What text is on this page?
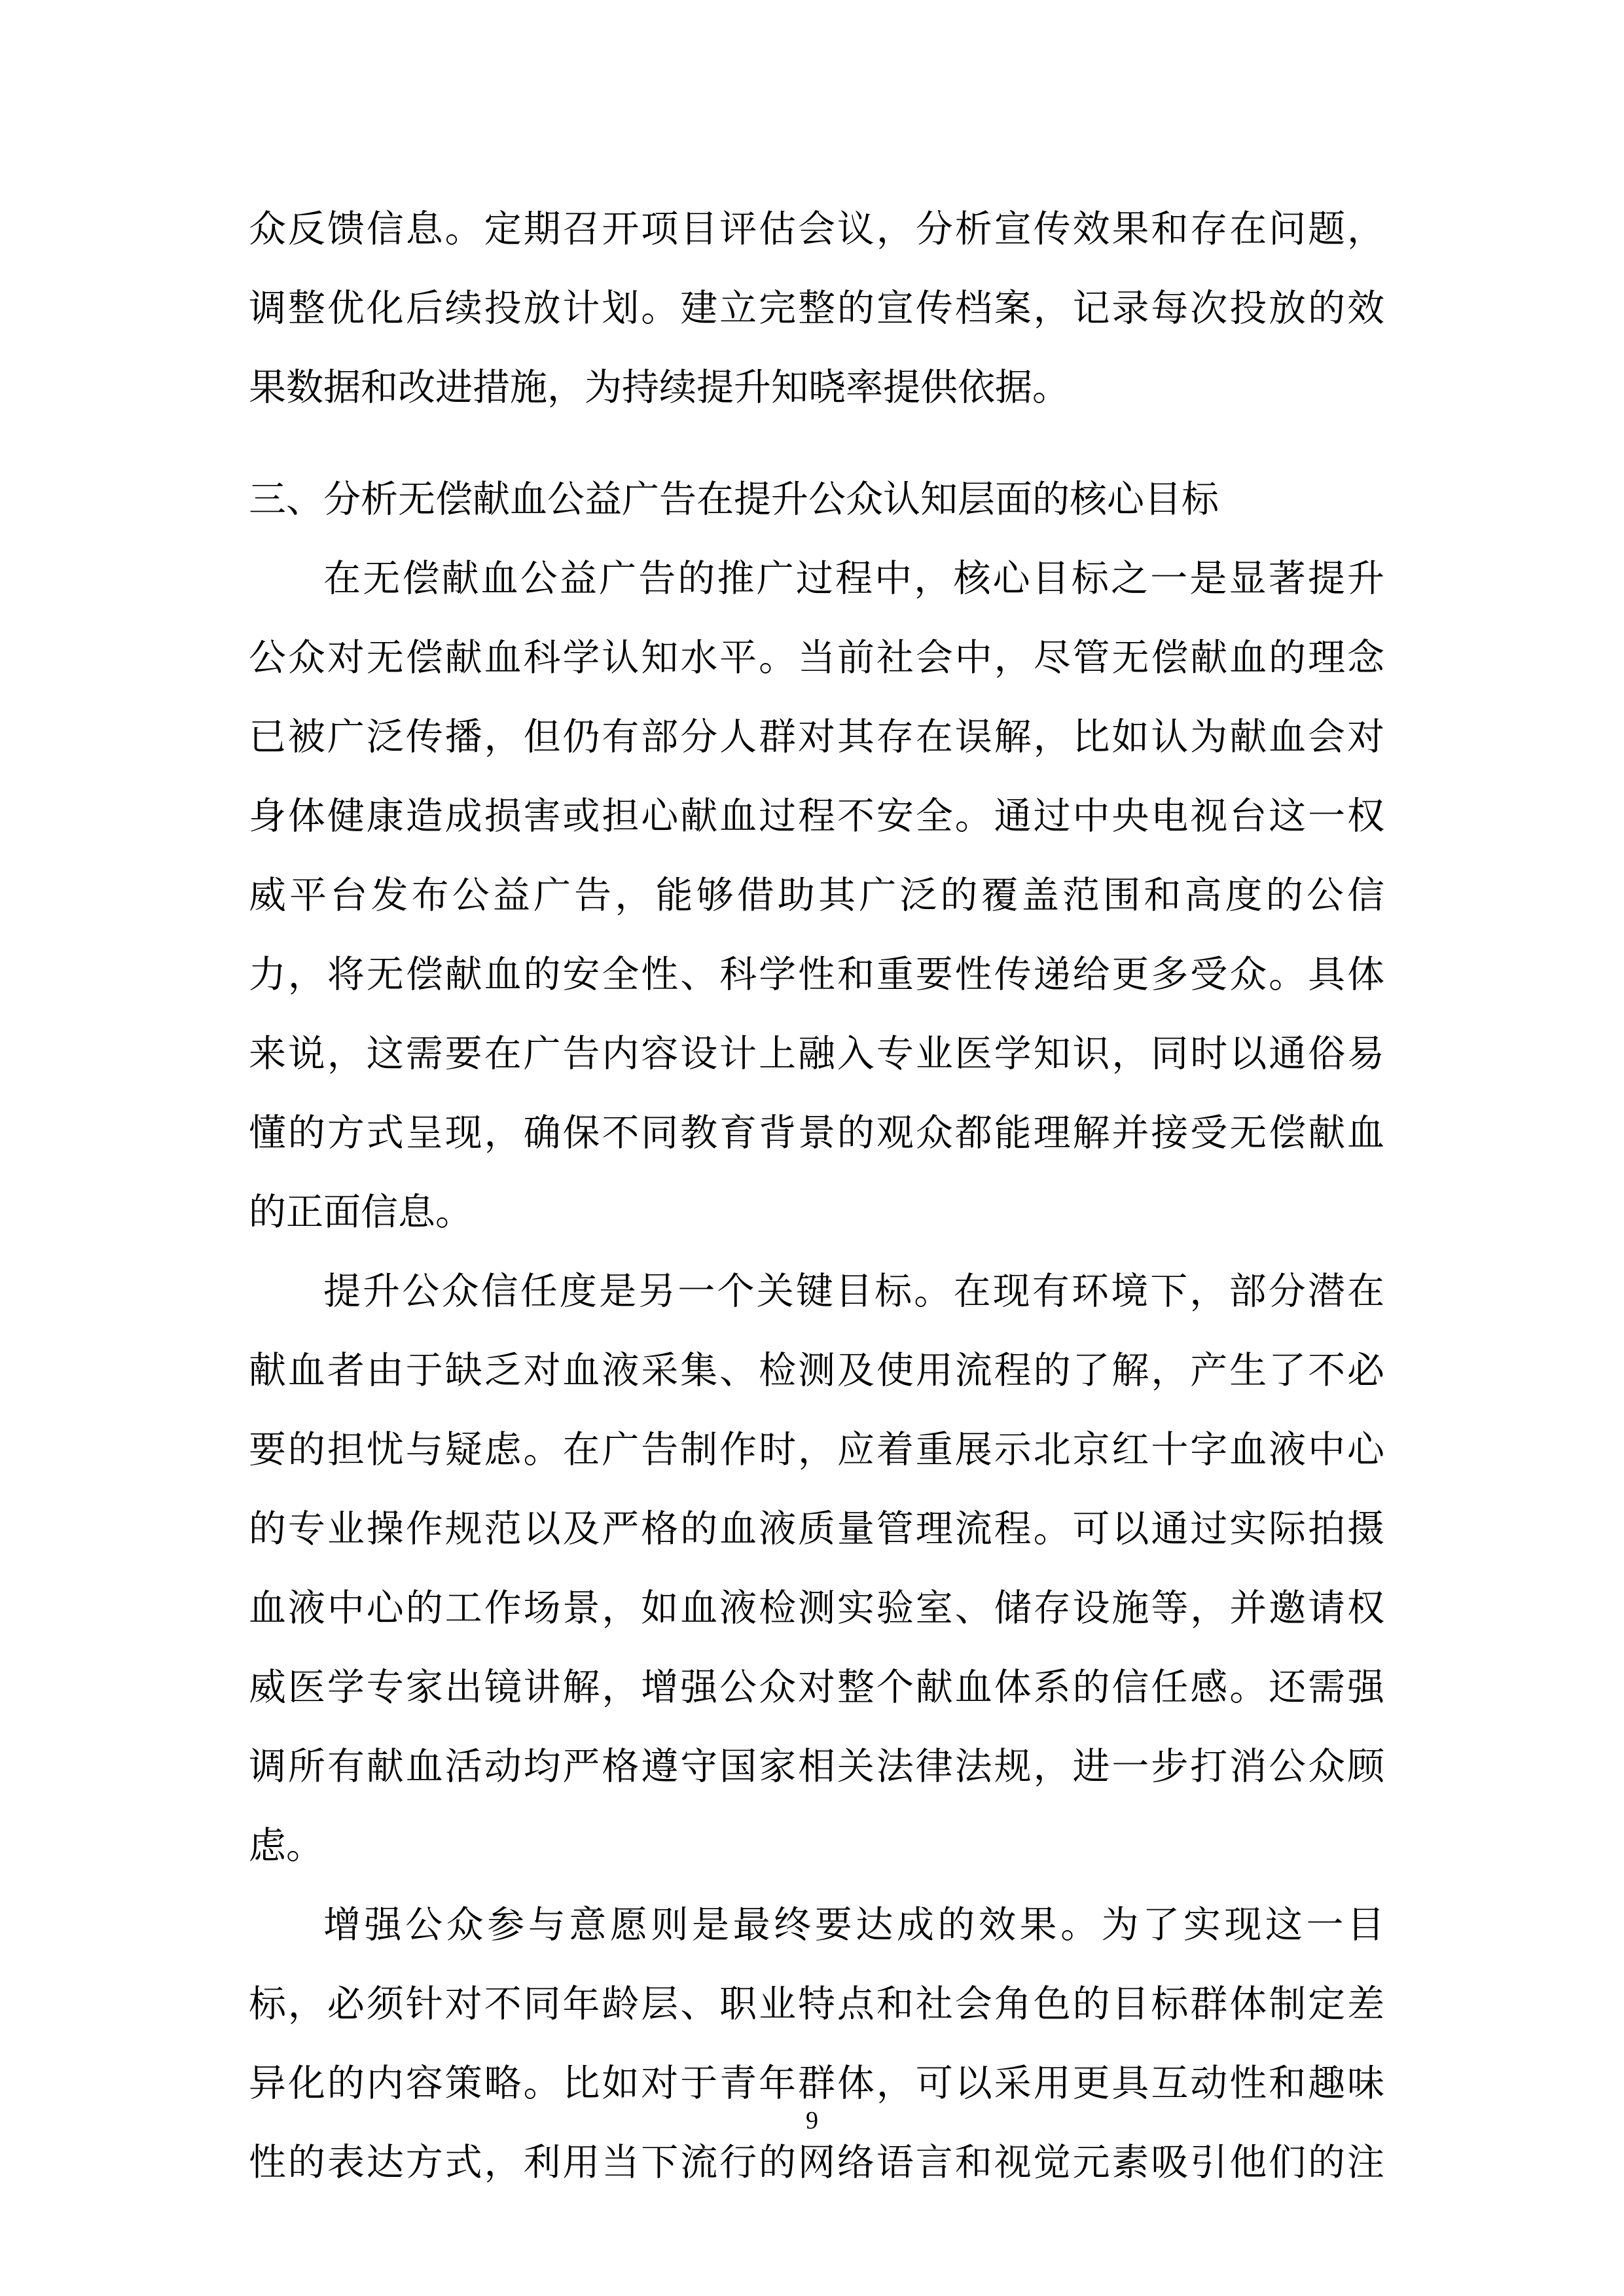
众反馈信息。定期召开项目评估会议，分析宣传效果和存在问题，
调整优化后续投放计划。建立完整的宣传档案，记录每次投放的效
果数据和改进措施，为持续提升知晓率提供依据。

三、分析无偿献血公益广告在提升公众认知层面的核心目标

在无偿献血公益广告的推广过程中，核心目标之一是显著提升
公众对无偿献血科学认知水平。当前社会中，尽管无偿献血的理念
已被广泛传播，但仍有部分人群对其存在误解，比如认为献血会对
身体健康造成损害或担心献血过程不安全。通过中央电视台这一权
威平台发布公益广告，能够借助其广泛的覆盖范围和高度的公信
力，将无偿献血的安全性、科学性和重要性传递给更多受众。具体
来说，这需要在广告内容设计上融入专业医学知识，同时以通俗易
懂的方式呈现，确保不同教育背景的观众都能理解并接受无偿献血
的正面信息。

提升公众信任度是另一个关键目标。在现有环境下，部分潜在
献血者由于缺乏对血液采集、检测及使用流程的了解，产生了不必
要的担忧与疑虑。在广告制作时，应着重展示北京红十字血液中心
的专业操作规范以及严格的血液质量管理流程。可以通过实际拍摄
血液中心的工作场景，如血液检测实验室、储存设施等，并邀请权
威医学专家出镜讲解，增强公众对整个献血体系的信任感。还需强
调所有献血活动均严格遵守国家相关法律法规，进一步打消公众顾
虑。

增强公众参与意愿则是最终要达成的效果。为了实现这一目
标，必须针对不同年龄层、职业特点和社会角色的目标群体制定差
异化的内容策略。比如对于青年群体，可以采用更具互动性和趣味
性的表达方式，利用当下流行的网络语言和视觉元素吸引他们的注

9
